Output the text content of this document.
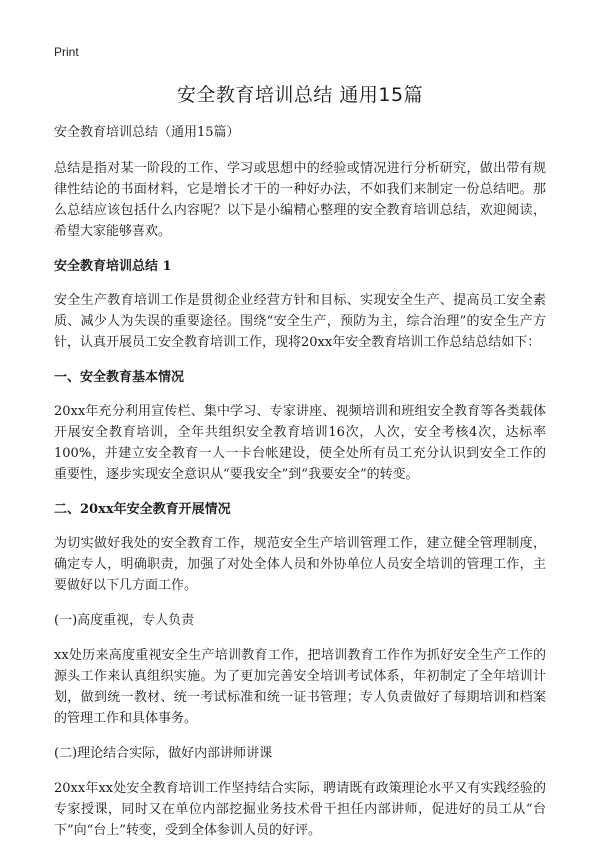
Print
安全教育培训总结 通用15篇

安全教育培训总结（通用15篇）

总结是指对某一阶段的工作、学习或思想中的经验或情况进行分析研究，做出带有规律性结论的书面材料，它是增长才干的一种好办法，不如我们来制定一份总结吧。那么总结应该包括什么内容呢？以下是小编精心整理的安全教育培训总结，欢迎阅读，希望大家能够喜欢。

安全教育培训总结 1

安全生产教育培训工作是贯彻企业经营方针和目标、实现安全生产、提高员工安全素质、减少人为失误的重要途径。围绕“安全生产，预防为主，综合治理”的安全生产方针，认真开展员工安全教育培训工作，现将20xx年安全教育培训工作总结总结如下：

一、安全教育基本情况

20xx年充分利用宣传栏、集中学习、专家讲座、视频培训和班组安全教育等各类载体开展安全教育培训，全年共组织安全教育培训16次，人次，安全考核4次，达标率100%，并建立安全教育一人一卡台帐建设，使全处所有员工充分认识到安全工作的重要性，逐步实现安全意识从“要我安全”到“我要安全”的转变。

二、20xx年安全教育开展情况

为切实做好我处的安全教育工作，规范安全生产培训管理工作，建立健全管理制度，确定专人，明确职责，加强了对处全体人员和外协单位人员安全培训的管理工作，主要做好以下几方面工作。

(一)高度重视，专人负责

xx处历来高度重视安全生产培训教育工作，把培训教育工作作为抓好安全生产工作的源头工作来认真组织实施。为了更加完善安全培训考试体系，年初制定了全年培训计划，做到统一教材、统一考试标准和统一证书管理；专人负责做好了每期培训和档案的管理工作和具体事务。

(二)理论结合实际，做好内部讲师讲课

20xx年xx处安全教育培训工作坚持结合实际，聘请既有政策理论水平又有实践经验的专家授课，同时又在单位内部挖掘业务技术骨干担任内部讲师，促进好的员工从“台下”向“台上”转变，受到全体参训人员的好评。
